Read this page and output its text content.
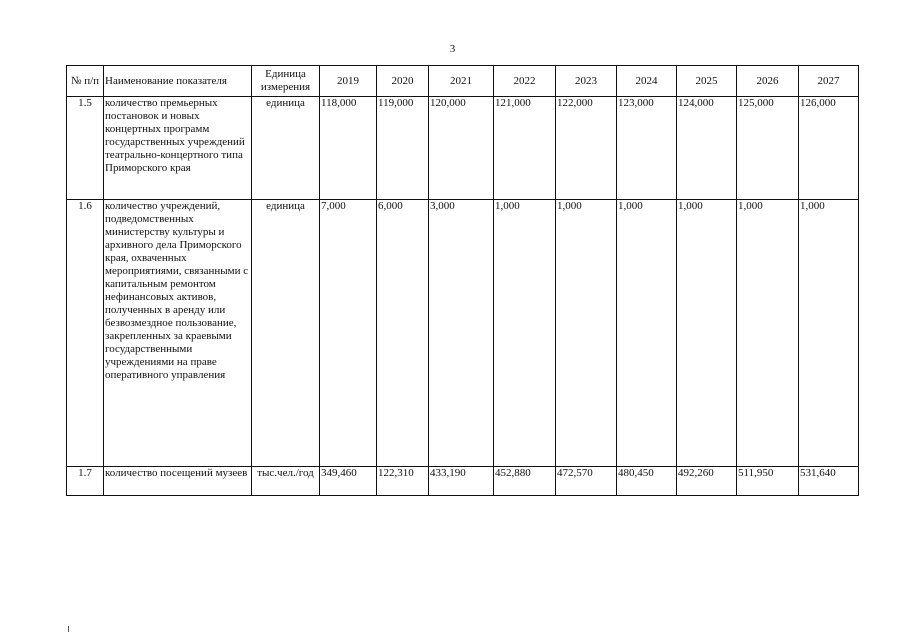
3
№ п/п	Наименование показателя	Единица измерения	2019	2020	2021	2022	2023	2024	2025	2026	2027
1.5	количество премьерных постановок и новых концертных программ государственных учреждений театрально-концертного типа Приморского края	единица	118,000	119,000	120,000	121,000	122,000	123,000	124,000	125,000	126,000
1.6	количество учреждений, подведомственных министерству культуры и архивного дела Приморского края, охваченных мероприятиями, связанными с капитальным ремонтом нефинансовых активов, полученных в аренду или безвозмездное пользование, закрепленных за краевыми государственными учреждениями на праве оперативного управления	единица	7,000	6,000	3,000	1,000	1,000	1,000	1,000	1,000	1,000
1.7	количество посещений музеев	тыс.чел./год	349,460	122,310	433,190	452,880	472,570	480,450	492,260	511,950	531,640
